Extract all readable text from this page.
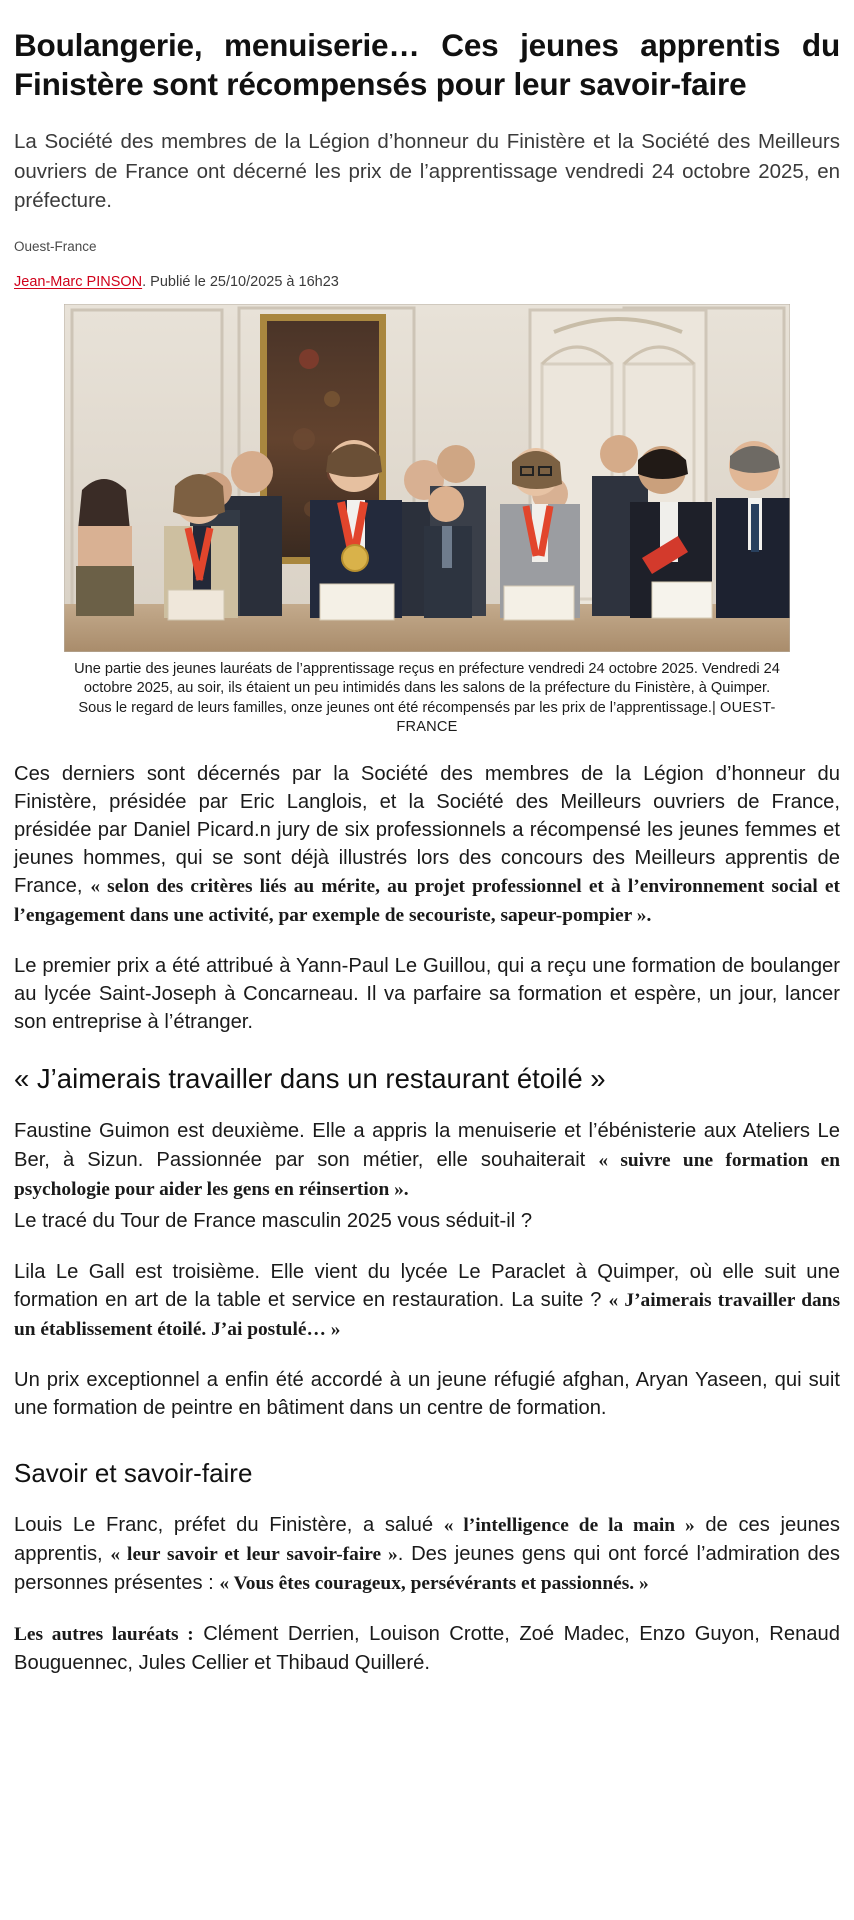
Boulangerie, menuiserie… Ces jeunes apprentis du Finistère sont récompensés pour leur savoir-faire

La Société des membres de la Légion d’honneur du Finistère et la Société des Meilleurs ouvriers de France ont décerné les prix de l’apprentissage vendredi 24 octobre 2025, en préfecture.

Ouest-France
Jean-Marc PINSON. Publié le 25/10/2025 à 16h23
Une partie des jeunes lauréats de l’apprentissage reçus en préfecture vendredi 24 octobre 2025. Vendredi 24 octobre 2025, au soir, ils étaient un peu intimidés dans les salons de la préfecture du Finistère, à Quimper. Sous le regard de leurs familles, onze jeunes ont été récompensés par les prix de l’apprentissage.| OUEST-FRANCE

Ces derniers sont décernés par la Société des membres de la Légion d’honneur du Finistère, présidée par Eric Langlois, et la Société des Meilleurs ouvriers de France, présidée par Daniel Picard.n jury de six professionnels a récompensé les jeunes femmes et jeunes hommes, qui se sont déjà illustrés lors des concours des Meilleurs apprentis de France, « selon des critères liés au mérite, au projet professionnel et à l’environnement social et l’engagement dans une activité, par exemple de secouriste, sapeur-pompier ».

Le premier prix a été attribué à Yann-Paul Le Guillou, qui a reçu une formation de boulanger au lycée Saint-Joseph à Concarneau. Il va parfaire sa formation et espère, un jour, lancer son entreprise à l’étranger.

« J’aimerais travailler dans un restaurant étoilé »

Faustine Guimon est deuxième. Elle a appris la menuiserie et l’ébénisterie aux Ateliers Le Ber, à Sizun. Passionnée par son métier, elle souhaiterait « suivre une formation en psychologie pour aider les gens en réinsertion ».

Le tracé du Tour de France masculin 2025 vous séduit-il ?

Lila Le Gall est troisième. Elle vient du lycée Le Paraclet à Quimper, où elle suit une formation en art de la table et service en restauration. La suite ? « J’aimerais travailler dans un établissement étoilé. J’ai postulé… »

Un prix exceptionnel a enfin été accordé à un jeune réfugié afghan, Aryan Yaseen, qui suit une formation de peintre en bâtiment dans un centre de formation.

Savoir et savoir-faire

Louis Le Franc, préfet du Finistère, a salué « l’intelligence de la main » de ces jeunes apprentis, « leur savoir et leur savoir-faire ». Des jeunes gens qui ont forcé l’admiration des personnes présentes : « Vous êtes courageux, persévérants et passionnés. »

Les autres lauréats : Clément Derrien, Louison Crotte, Zoé Madec, Enzo Guyon, Renaud Bouguennec, Jules Cellier et Thibaud Quilleré.
